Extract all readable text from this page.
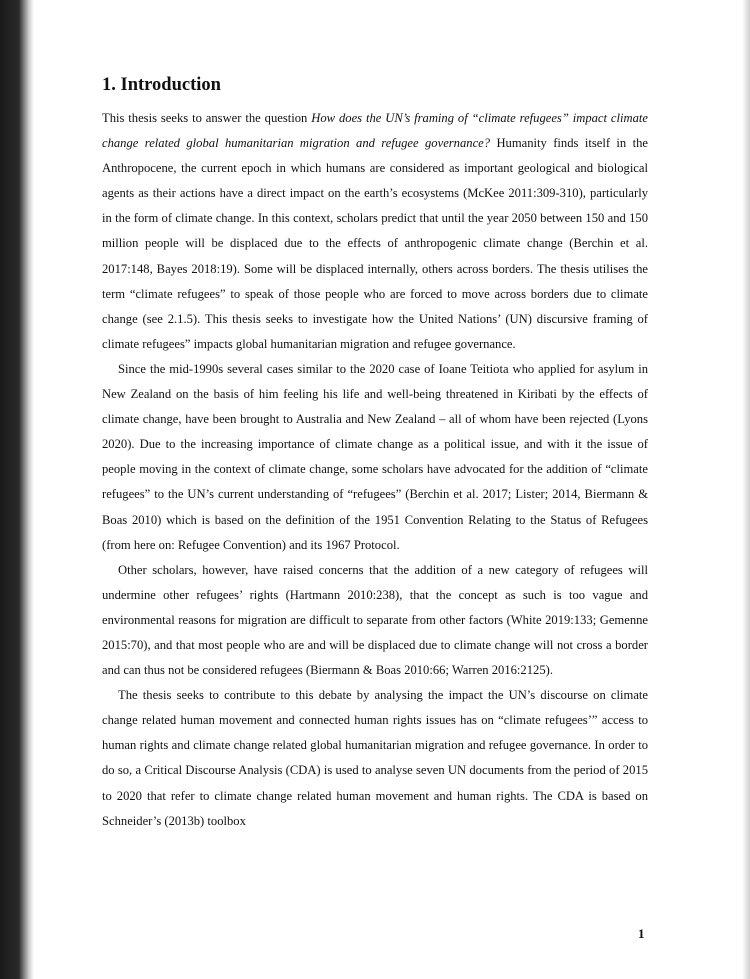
1. Introduction

This thesis seeks to answer the question How does the UN’s framing of “climate refugees” impact climate change related global humanitarian migration and refugee governance? Humanity finds itself in the Anthropocene, the current epoch in which humans are considered as important geological and biological agents as their actions have a direct impact on the earth’s ecosystems (McKee 2011:309-310), particularly in the form of climate change. In this context, scholars predict that until the year 2050 between 150 and 150 million people will be displaced due to the effects of anthropogenic climate change (Berchin et al. 2017:148, Bayes 2018:19). Some will be displaced internally, others across borders. The thesis utilises the term “climate refugees” to speak of those people who are forced to move across borders due to climate change (see 2.1.5). This thesis seeks to investigate how the United Nations’ (UN) discursive framing of climate refugees” impacts global humanitarian migration and refugee governance.

Since the mid-1990s several cases similar to the 2020 case of Ioane Teitiota who applied for asylum in New Zealand on the basis of him feeling his life and well-being threatened in Kiribati by the effects of climate change, have been brought to Australia and New Zealand – all of whom have been rejected (Lyons 2020). Due to the increasing importance of climate change as a political issue, and with it the issue of people moving in the context of climate change, some scholars have advocated for the addition of “climate refugees” to the UN’s current understanding of “refugees” (Berchin et al. 2017; Lister; 2014, Biermann & Boas 2010) which is based on the definition of the 1951 Convention Relating to the Status of Refugees (from here on: Refugee Convention) and its 1967 Protocol.

Other scholars, however, have raised concerns that the addition of a new category of refugees will undermine other refugees’ rights (Hartmann 2010:238), that the concept as such is too vague and environmental reasons for migration are difficult to separate from other factors (White 2019:133; Gemenne 2015:70), and that most people who are and will be displaced due to climate change will not cross a border and can thus not be considered refugees (Biermann & Boas 2010:66; Warren 2016:2125).

The thesis seeks to contribute to this debate by analysing the impact the UN’s discourse on climate change related human movement and connected human rights issues has on “climate refugees’” access to human rights and climate change related global humanitarian migration and refugee governance. In order to do so, a Critical Discourse Analysis (CDA) is used to analyse seven UN documents from the period of 2015 to 2020 that refer to climate change related human movement and human rights. The CDA is based on Schneider’s (2013b) toolbox

1
